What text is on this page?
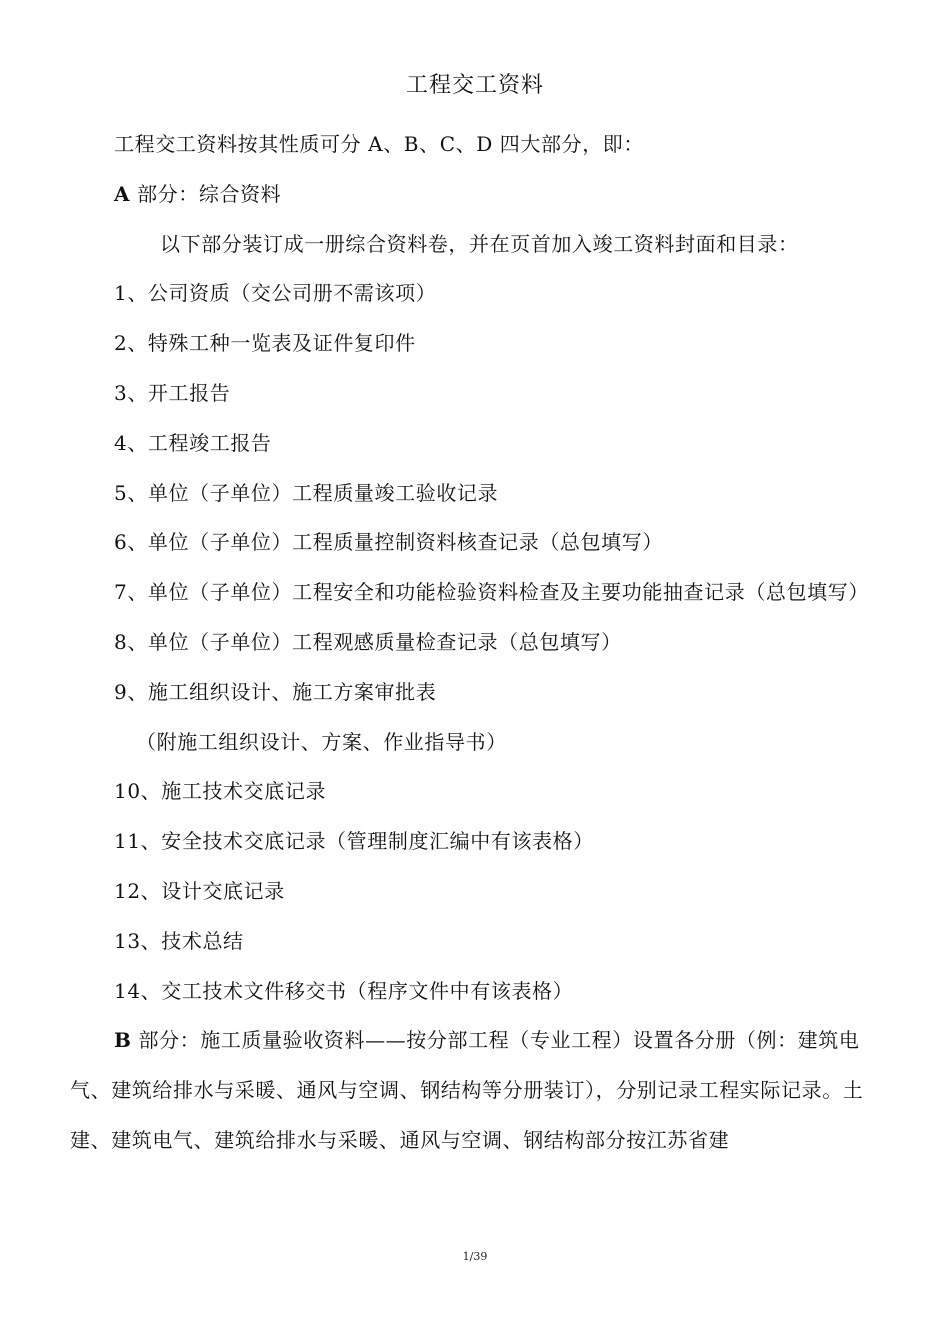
工程交工资料

工程交工资料按其性质可分 A、B、C、D 四大部分，即：

A 部分：综合资料

以下部分装订成一册综合资料卷，并在页首加入竣工资料封面和目录：

1、公司资质（交公司册不需该项）

2、特殊工种一览表及证件复印件

3、开工报告

4、工程竣工报告

5、单位（子单位）工程质量竣工验收记录

6、单位（子单位）工程质量控制资料核查记录（总包填写）

7、单位（子单位）工程安全和功能检验资料检查及主要功能抽查记录（总包填写）

8、单位（子单位）工程观感质量检查记录（总包填写）

9、施工组织设计、施工方案审批表

（附施工组织设计、方案、作业指导书）

10、施工技术交底记录

11、安全技术交底记录（管理制度汇编中有该表格）

12、设计交底记录

13、技术总结

14、交工技术文件移交书（程序文件中有该表格）

B 部分：施工质量验收资料——按分部工程（专业工程）设置各分册（例：建筑电气、建筑给排水与采暖、通风与空调、钢结构等分册装订），分别记录工程实际记录。土建、建筑电气、建筑给排水与采暖、通风与空调、钢结构部分按江苏省建

1/39
